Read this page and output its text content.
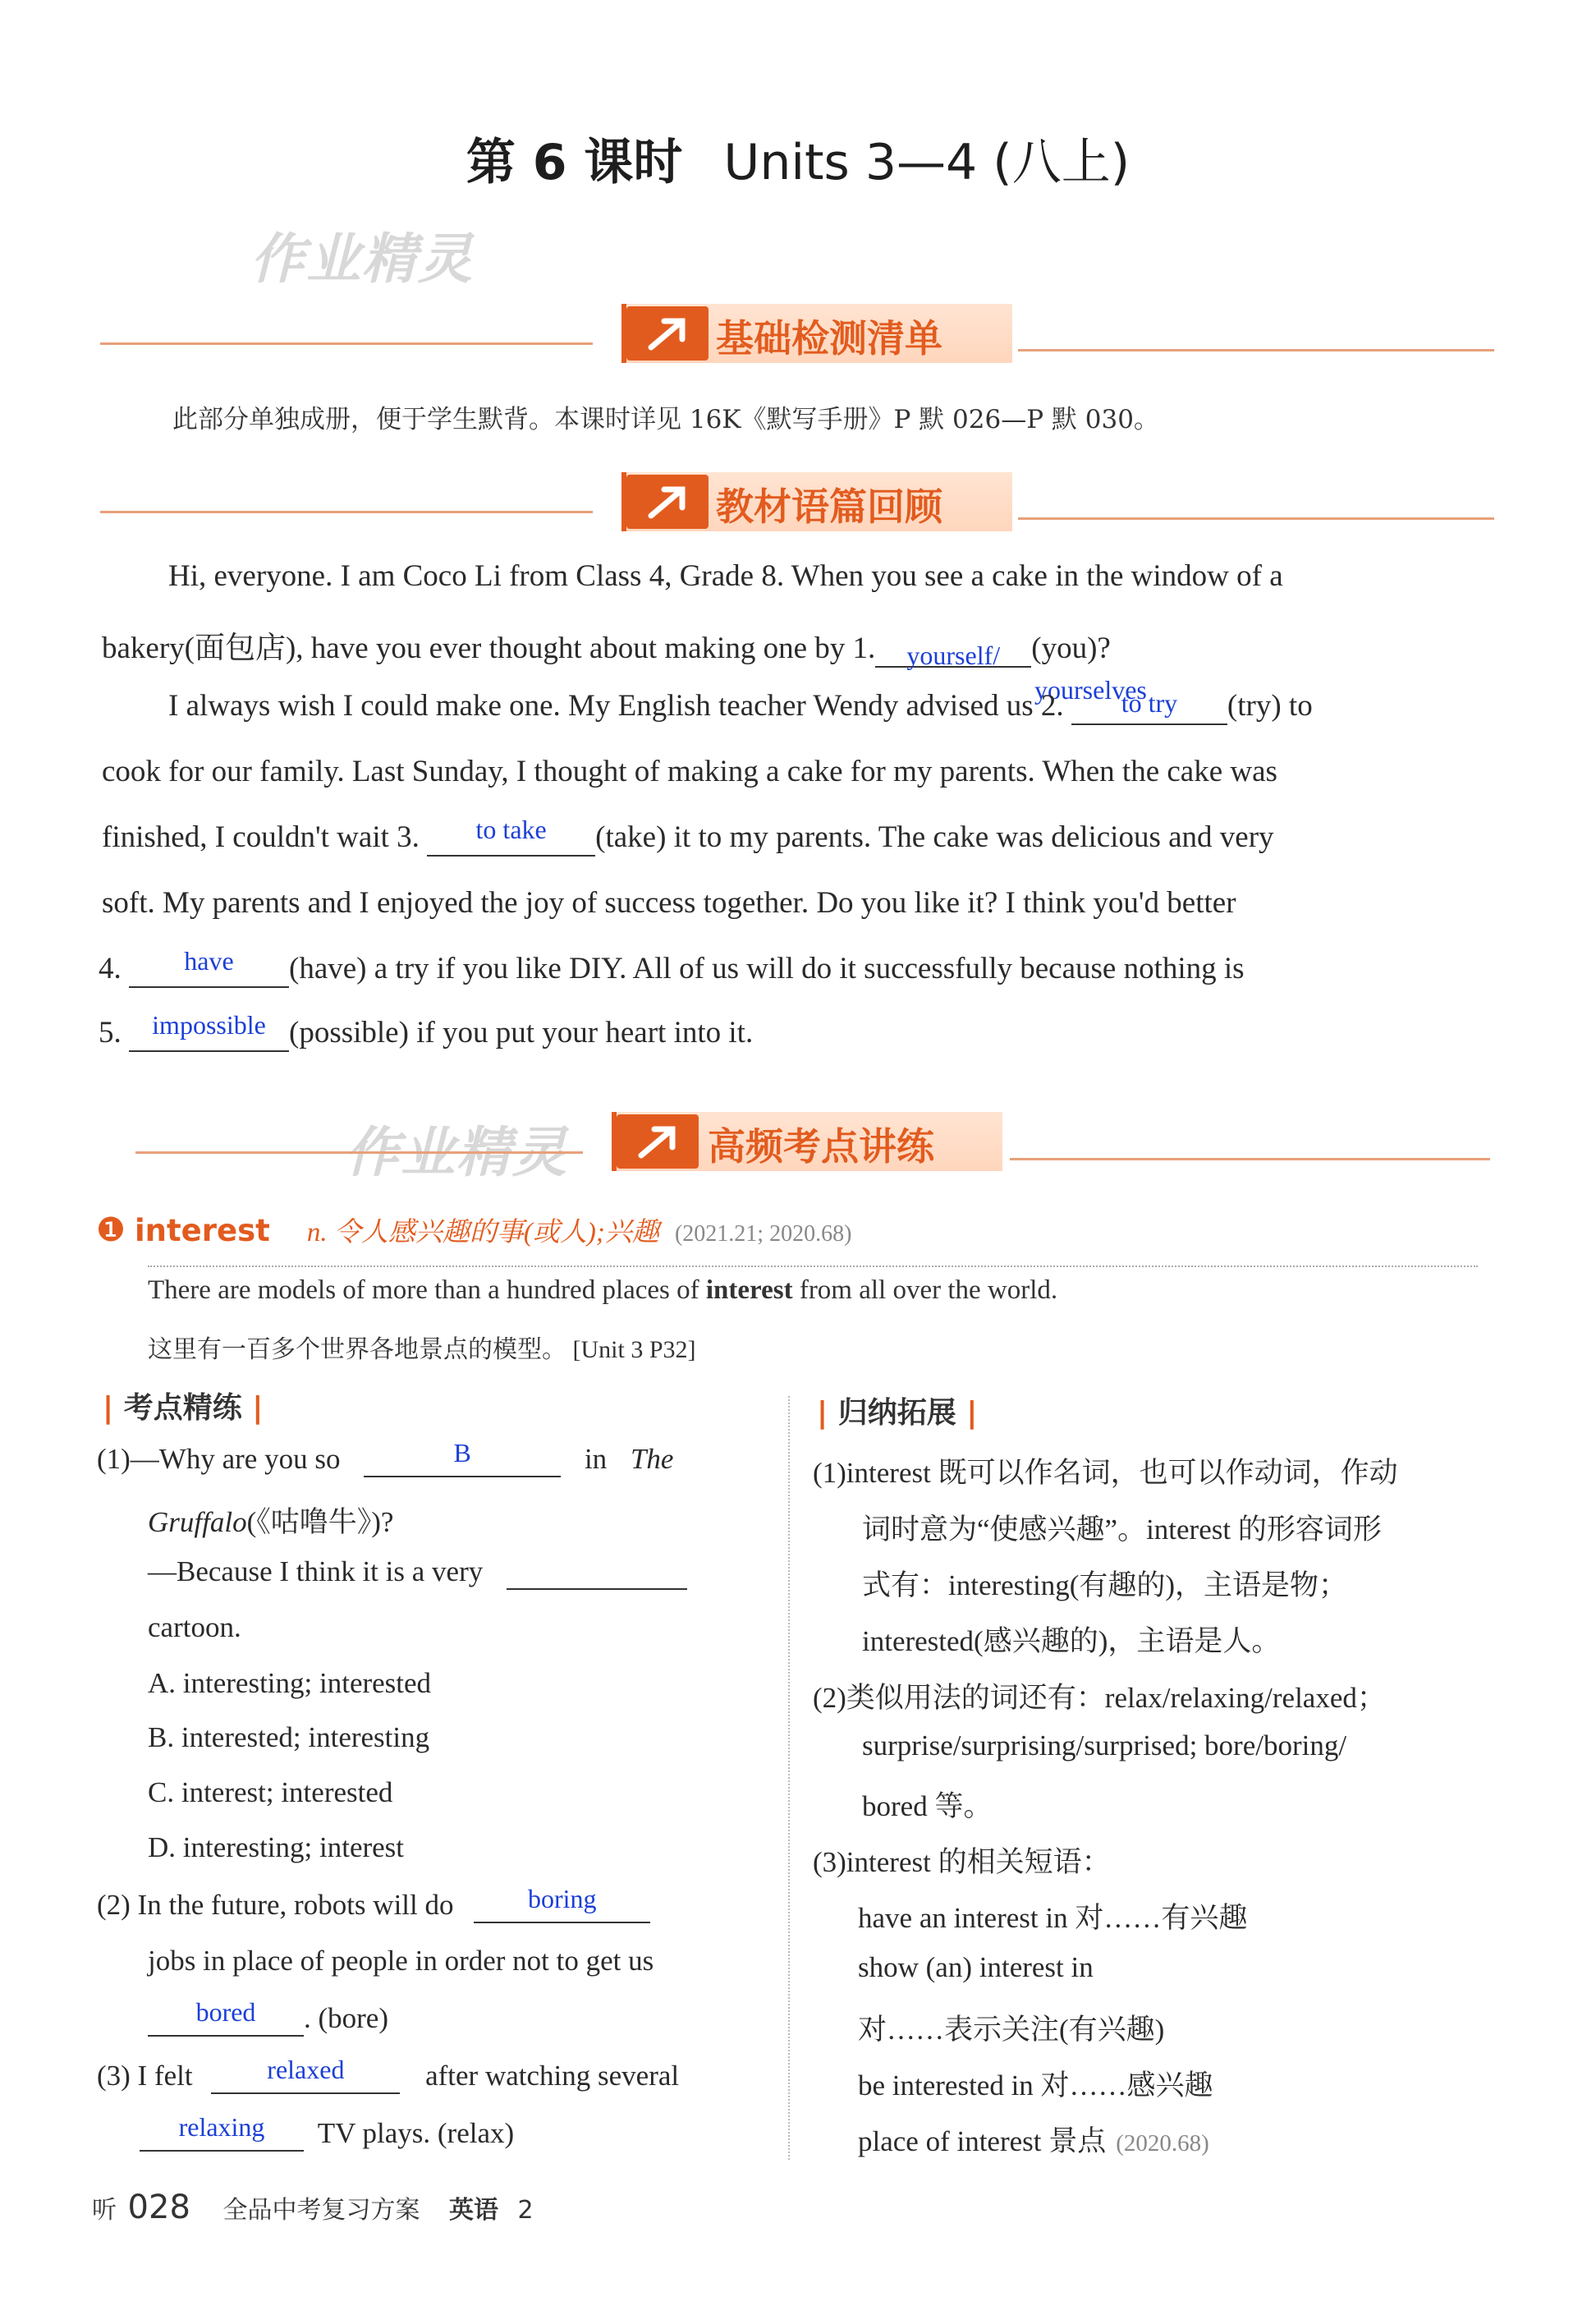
第 6 课时 Units 3—4 (八上)
作业精灵
作业精灵
基础检测清单
此部分单独成册，便于学生默背。本课时详见 16K《默写手册》P 默 026—P 默 030。
教材语篇回顾
Hi, everyone. I am Coco Li from Class 4, Grade 8. When you see a cake in the window of a
bakery(面包店), have you ever thought about making one by 1.	yourself/	(you)?
yourselves
I always wish I could make one. My English teacher Wendy advised us 2.	to try	(try) to
cook for our family. Last Sunday, I thought of making a cake for my parents. When the cake was
finished, I couldn't wait 3.	to take	(take) it to my parents. The cake was delicious and very
soft. My parents and I enjoyed the joy of success together. Do you like it? I think you'd better
4.	have	(have) a try if you like DIY. All of us will do it successfully because nothing is
5.	impossible (possible) if you put your heart into it.
高频考点讲练
❶ interest n. 令人感兴趣的事(或人);兴趣 (2021.21; 2020.68)
There are models of more than a hundred places of interest from all over the world.
这里有一百多个世界各地景点的模型。 [Unit 3 P32]
| 考点精练 |
(1)—Why are you so	B	in The
Gruffalo(《咕噜牛》)?
—Because I think it is a very
cartoon.
A. interesting; interested
B. interested; interesting
C. interest; interested
D. interesting; interest
(2) In the future, robots will do	boring

jobs in place of people in order not to get us
bored	. (bore)
(3) I felt	relaxed	after watching several
relaxing	TV plays. (relax)
| 归纳拓展 |
(1)interest 既可以作名词，也可以作动词，作动
词时意为“使感兴趣”。interest 的形容词形
式有：interesting(有趣的)，主语是物；
interested(感兴趣的)，主语是人。
(2)类似用法的词还有：relax/relaxing/relaxed；
surprise/surprising/surprised; bore/boring/
bored 等。
(3)interest 的相关短语：
have an interest in 对……有兴趣
show (an) interest in
对……表示关注(有兴趣)
be interested in 对……感兴趣
place of interest 景点 (2020.68)
听 028 全品中考复习方案 英语 2
